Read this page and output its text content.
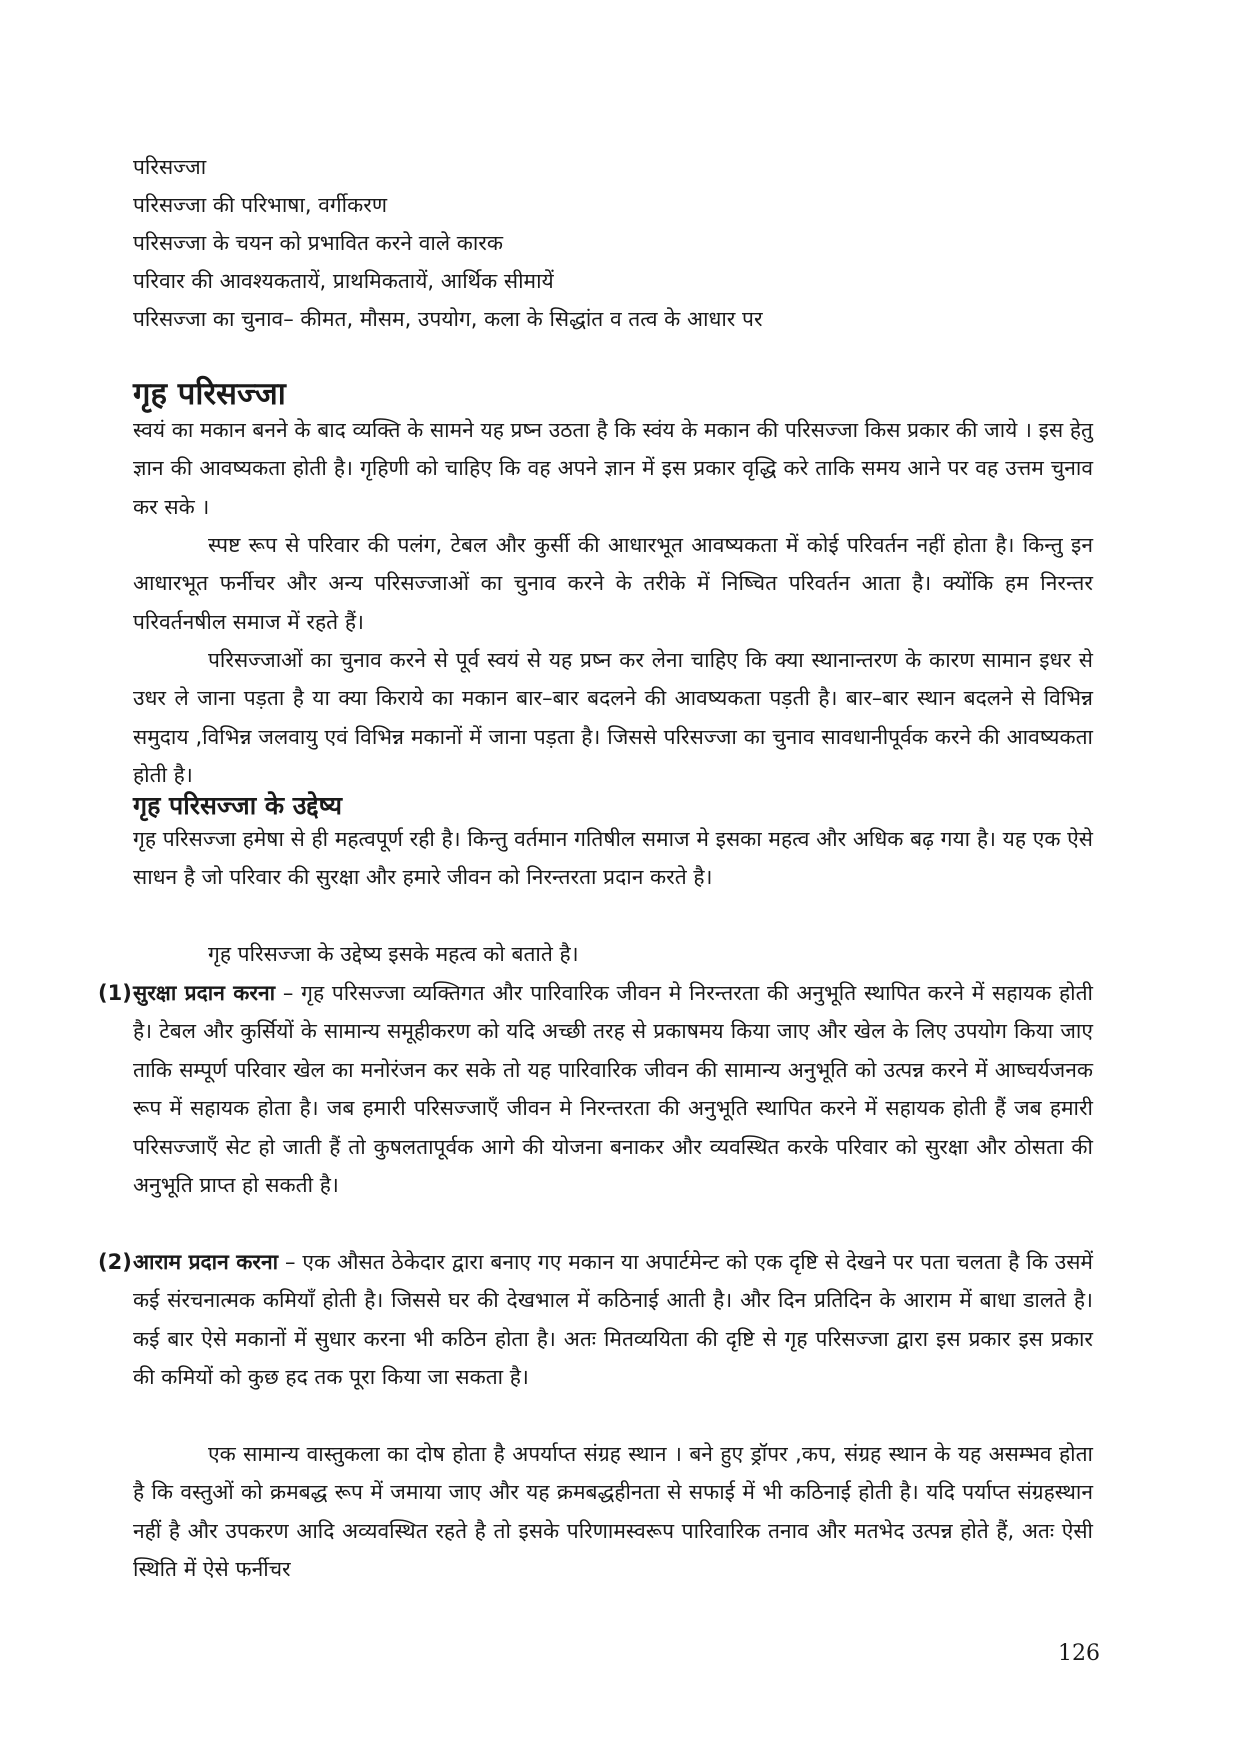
परिसज्जा
परिसज्जा की परिभाषा, वर्गीकरण
परिसज्जा के चयन को प्रभावित करने वाले कारक
परिवार की आवश्यकतायें, प्राथमिकतायें, आर्थिक सीमायें
परिसज्जा का चुनाव– कीमत, मौसम, उपयोग, कला के सिद्धांत व तत्व के आधार पर
गृह परिसज्जा
स्वयं का मकान बनने के बाद व्यक्ति के सामने यह प्रष्न उठता है कि स्वंय के मकान की परिसज्जा किस प्रकार की जाये । इस हेतु ज्ञान की आवष्यकता होती है। गृहिणी को चाहिए कि वह अपने ज्ञान में इस प्रकार वृद्धि करे ताकि समय आने पर वह उत्तम चुनाव कर सके ।
स्पष्ट रूप से परिवार की पलंग, टेबल और कुर्सी की आधारभूत आवष्यकता में कोई परिवर्तन नहीं होता है। किन्तु इन आधारभूत फर्नीचर और अन्य परिसज्जाओं का चुनाव करने के तरीके में निष्चित परिवर्तन आता है। क्योंकि हम निरन्तर परिवर्तनषील समाज में रहते हैं।
परिसज्जाओं का चुनाव करने से पूर्व स्वयं से यह प्रष्न कर लेना चाहिए कि क्या स्थानान्तरण के कारण सामान इधर से उधर ले जाना पड़ता है या क्या किराये का मकान बार–बार बदलने की आवष्यकता पड़ती है। बार–बार स्थान बदलने से विभिन्न समुदाय ,विभिन्न जलवायु एवं विभिन्न मकानों में जाना पड़ता है। जिससे परिसज्जा का चुनाव सावधानीपूर्वक करने की आवष्यकता होती है।
गृह परिसज्जा के उद्देष्य
गृह परिसज्जा हमेषा से ही महत्वपूर्ण रही है। किन्तु वर्तमान गतिषील समाज मे इसका महत्व और अधिक बढ़ गया है। यह एक ऐसे साधन है जो परिवार की सुरक्षा और हमारे जीवन को निरन्तरता प्रदान करते है।
गृह परिसज्जा के उद्देष्य इसके महत्व को बताते है।
(1) सुरक्षा प्रदान करना – गृह परिसज्जा व्यक्तिगत और पारिवारिक जीवन मे निरन्तरता की अनुभूति स्थापित करने में सहायक होती है। टेबल और कुर्सियों के सामान्य समूहीकरण को यदि अच्छी तरह से प्रकाषमय किया जाए और खेल के लिए उपयोग किया जाए ताकि सम्पूर्ण परिवार खेल का मनोरंजन कर सके तो यह पारिवारिक जीवन की सामान्य अनुभूति को उत्पन्न करने में आष्चर्यजनक रूप में सहायक होता है। जब हमारी परिसज्जाएँ जीवन मे निरन्तरता की अनुभूति स्थापित करने में सहायक होती हैं जब हमारी परिसज्जाएँ सेट हो जाती हैं तो कुषलतापूर्वक आगे की योजना बनाकर और व्यवस्थित करके परिवार को सुरक्षा और ठोसता की अनुभूति प्राप्त हो सकती है।
(2) आराम प्रदान करना – एक औसत ठेकेदार द्वारा बनाए गए मकान या अपार्टमेन्ट को एक दृष्टि से देखने पर पता चलता है कि उसमें कई संरचनात्मक कमियॉं होती है। जिससे घर की देखभाल में कठिनाई आती है। और दिन प्रतिदिन के आराम में बाधा डालते है। कई बार ऐसे मकानों में सुधार करना भी कठिन होता है। अतः मितव्ययिता की दृष्टि से गृह परिसज्जा द्वारा इस प्रकार इस प्रकार की कमियों को कुछ हद तक पूरा किया जा सकता है।
एक सामान्य वास्तुकला का दोष होता है अपर्याप्त संग्रह स्थान । बने हुए ड्रॉपर ,कप, संग्रह स्थान के यह असम्भव होता है कि वस्तुओं को क्रमबद्ध रूप में जमाया जाए और यह क्रमबद्धहीनता से सफाई में भी कठिनाई होती है। यदि पर्याप्त संग्रहस्थान नहीं है और उपकरण आदि अव्यवस्थित रहते है तो इसके परिणामस्वरूप पारिवारिक तनाव और मतभेद उत्पन्न होते हैं, अतः ऐसी स्थिति में ऐसे फर्नीचर
126
